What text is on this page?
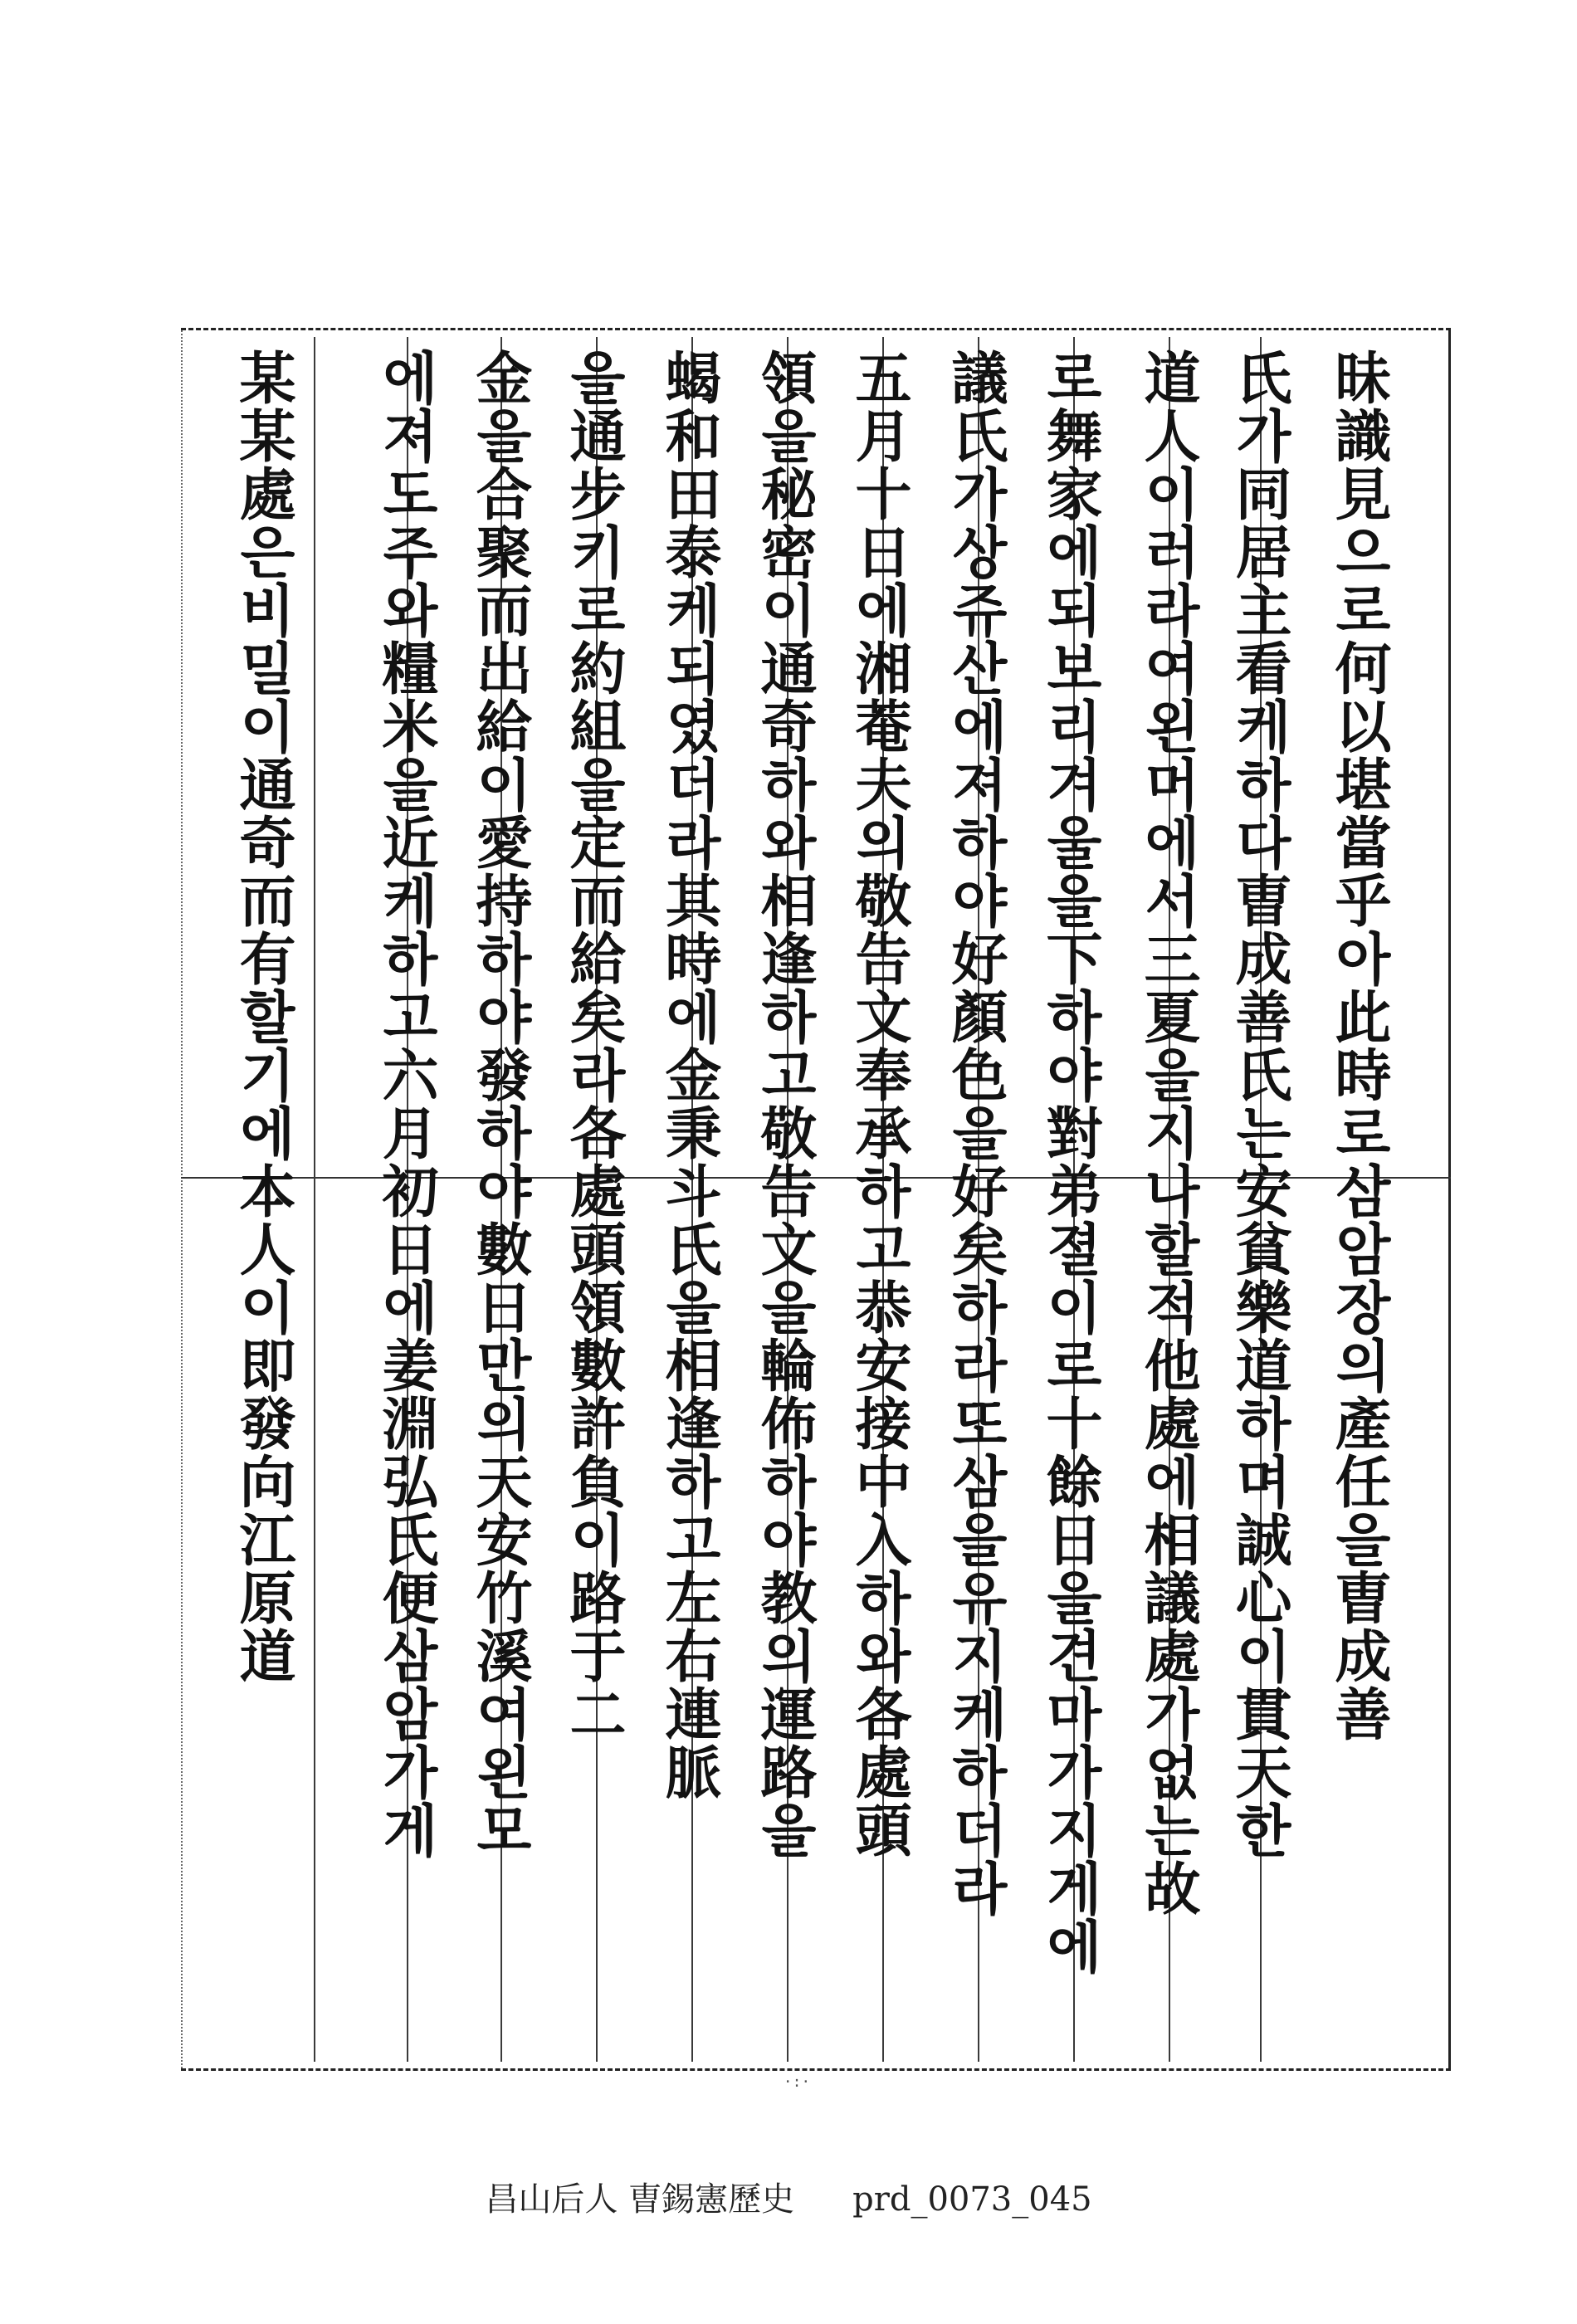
昧識見으로何以堪當乎아此時로삼암장의產任을曺成善
氏가同居主看케하다曺成善氏는安貧樂道하며誠心이貫天한
道人이러라여왼머에서三夏을지나할적他處에相議處가없는故
로舞家에되보리겨울을下하야對弟졀이로十餘日을견마가지게에
議氏가상쥬산에져하야好顏色을好矣하라또삼을유지케하더라
五月十日에湘菴夫의敬告文奉承하고恭安接中入하와各處頭
領을秘密이通奇하와相逢하고敬告文을輪佈하야教의運路을
蝎和田泰케되였더라其時에金秉斗氏을相逢하고左右連脈
을通步키로約組을定而給矣라各處頭領數許負이路于二
金을合聚而出給이愛持하야發하야數日만의天安竹溪여왼모
에져도주와糧米을近케하고六月初日에姜淵弘氏便삼암가게
某某處은비밀이通奇而有할기에本人이即發向江原道
·:·
昌山后人 曺錫憲歷史 prd_0073_045
